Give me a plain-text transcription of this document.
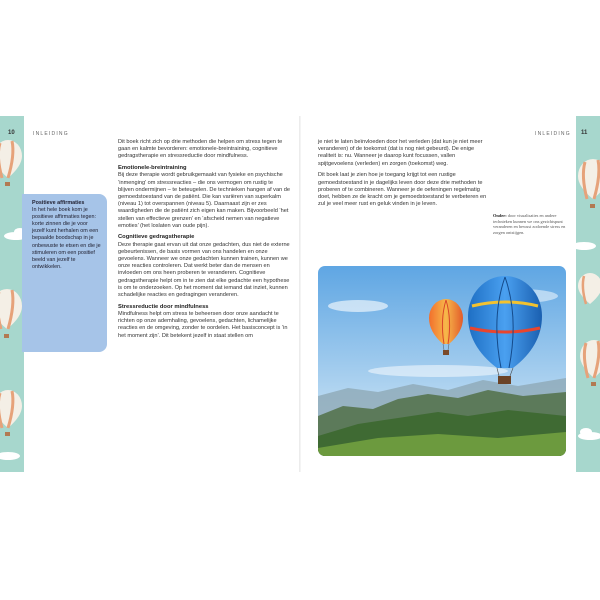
10	INLEIDING	INLEIDING 11
Positieve affirmaties
In het hele boek kom je positieve affirmaties tegen: korte zinnen die je voor jezelf kunt herhalen om een bepaalde boodschap in je onbewuste te etsen en die je stimuleren om een positief beeld van jezelf te ontwikkelen.

Dit boek richt zich op drie methoden die helpen om stress tegen te gaan en kalmte bevorderen: emotionele-breintraining, cognitieve gedragstherapie en stressreductie door mindfulness.

Emotionele-breintraining

Bij deze therapie wordt gebruikgemaakt van fysieke en psychische ‘inmenging’ om stressreacties – die ons vermogen om rustig te blijven ondermijnen – te beteugelen. De technieken hangen af van de gemoedstoestand van de patiënt. Die kan variëren van superkalm (niveau 1) tot overspannen (niveau 5). Daarnaast zijn er zes waardigheden die de patiënt zich eigen kan maken. Bijvoorbeeld ‘het stellen van effectieve grenzen’ en ‘afscheid nemen van negatieve emoties’ (het loslaten van oude pijn).

Cognitieve gedragstherapie

Deze therapie gaat ervan uit dat onze gedachten, dus niet de externe gebeurtenissen, de basis vormen van ons handelen en onze gevoelens. Wanneer we onze gedachten kunnen trainen, kunnen we onze reacties controleren. Dat werkt beter dan de mensen en invloeden om ons heen proberen te veranderen. Cognitieve gedragstherapie helpt om in te zien dat elke gedachte een hypothese is om te onderzoeken. Op het moment dat iemand dat inziet, kunnen schadelijke reacties en gedragingen veranderen.

Stressreductie door mindfulness

Mindfulness helpt om stress te beheersen door onze aandacht te richten op onze ademhaling, gevoelens, gedachten, lichamelijke reacties en de omgeving, zonder te oordelen. Het basisconcept is ‘in het moment zijn’. Dit betekent jezelf in staat stellen om

je niet te laten beïnvloeden door het verleden (dat kun je niet meer veranderen) of de toekomst (dat is nog niet gebeurd). De enige realiteit is: nu. Wanneer je daarop kunt focussen, vallen spijtgevoelens (verleden) en zorgen (toekomst) weg.

Dit boek laat je zien hoe je toegang krijgt tot een rustige gemoedstoestand in je dagelijks leven door deze drie methoden te proberen of te combineren. Wanneer je de oefeningen regelmatig doet, hebben ze de kracht om je gemoedstoestand te verbeteren en zul je veel meer rust en geluk vinden in je leven.

Onder: door visualisaties en andere technieken kunnen we ons gezichtspunt veranderen en bewust zodoende stress en zorgen ontstijgen.
